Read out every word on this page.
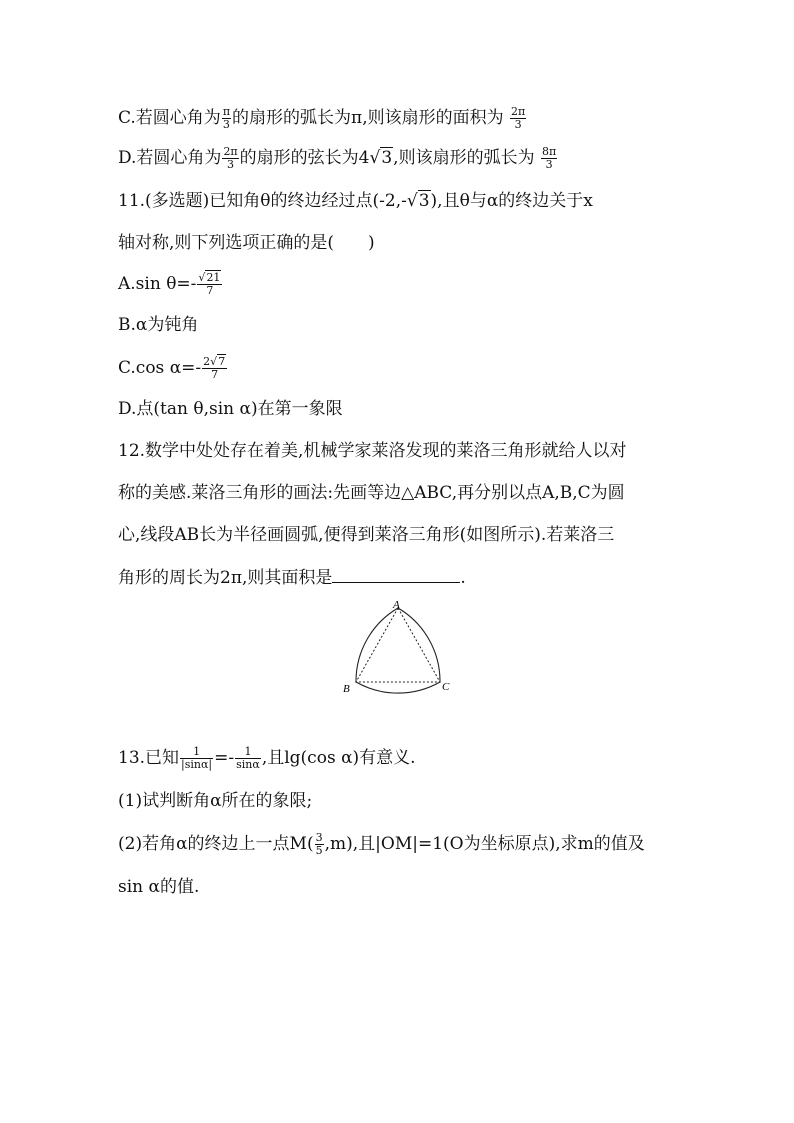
C.若圆心角为 $\frac{\pi}{3}$ 的扇形的弧长为π,则该扇形的面积为 $\frac{2\pi}{3}$
D.若圆心角为 $\frac{2\pi}{3}$ 的扇形的弦长为4√3,则该扇形的弧长为 $\frac{8\pi}{3}$
11.(多选题)已知角θ的终边经过点(-2,-√3),且θ与α的终边关于x
轴对称,则下列选项正确的是(　　)
A.sin $\theta=- \frac{√21}{7}$
B.α为钝角
C.cos $\alpha=- \frac{2√7}{7}$
D.点(tan θ,sin α)在第一象限
12.数学中处处存在着美,机械学家莱洛发现的莱洛三角形就给人以对
称的美感.莱洛三角形的画法:先画等边△ABC,再分别以点A,B,C为圆
心,线段AB长为半径画圆弧,便得到莱洛三角形(如图所示).若莱洛三
角形的周长为2π,则其面积是	.
A
B	C
13.已知 $\frac{1}{|\sin\alpha|} =- \frac{1}{\sin\alpha}$ ,且lg(cos α)有意义.
(1)试判断角α所在的象限;
(2)若角α的终边上一点$M( \frac{3}{5} ,m)$,且|OM|=1(O为坐标原点),求m的值及
sin α的值.
